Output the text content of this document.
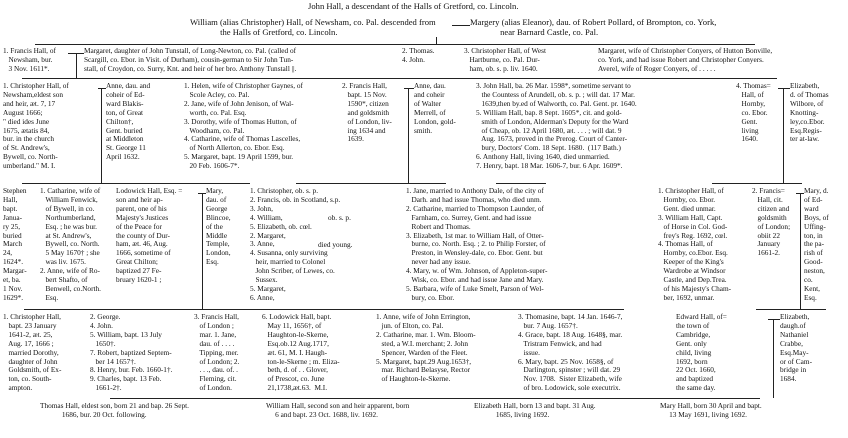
John Hall, a descendant of the Halls of Gretford, co. Lincoln.
William (alias Christopher) Hall, of Newsham, co. Pal. descended from
the Halls of Gretford, co. Lincoln.
Margery (alias Eleanor), dau. of Robert Pollard, of Brompton, co. York,
near Barnard Castle, co. Pal.
1. Francis Hall, of
Newsham, bur.
3 Nov. 1611*.
Margaret, daughter of John Tunstall, of Long-Newton, co. Pal. (called of
Scargill, co. Ebor. in Visit. of Durham), cousin-german to Sir John Tun-
stall, of Croydon, co. Surry, Knt. and heir of her bro. Anthony Tunstall ||.
2. Thomas.
4. John.
3. Christopher Hall, of West
Hartburne, co. Pal. Dur-
ham, ob. s. p. liv. 1640.
Margaret, wife of Christopher Conyers, of Hutton Bonville,
co. York, and had issue Robert and Christopher Conyers.
Averel, wife of Roger Conyers, of . . . . .
1. Christopher Hall, of
Newsham,eldest son
and heir, æt. 7, 17
August 1666;
" died ides June
1675, ætatis 84,
bur. in the church
of St. Andrew's,
Bywell, co. North-
umberland." M. I.
Anne, dau. and
coheir of Ed-
ward Blakis-
ton, of Great
Chilton†,
Gent. buried
at Middleton
St. George 11
April 1632.
1. Helen, wife of Christopher Gaynes, of
Scole Acley, co. Pal.
2. Jane, wife of John Jenison, of Wal-
worth, co. Pal. Esq.
3. Dorothy, wife of Thomas Hutton, of
Woodham, co. Pal.
4. Catharine, wife of Thomas Lascelles,
of North Allerton, co. Ebor. Esq.
5. Margaret, bapt. 19 April 1599, bur.
20 Feb. 1606-7*.
2. Francis Hall,
bapt. 15 Nov.
1590*, citizen
and goldsmith
of London, liv-
ing 1634 and
1639.
Anne, dau.
and coheir
of Walter
Merrell, of
London, gold-
smith.
3. John Hall, ba. 26 Mar. 1598*, sometime servant to
the Countess of Arundell, ob. s. p. ; will dat. 17 Mar.
1639,then by.ed of Walworth, co. Pal. Gent. pr. 1640.
5. William Hall, bap. 8 Sept. 1605*, cit. and gold-
smith of London, Alderman's Deputy for the Ward
of Cheap, ob. 12 April 1680, æt. . . . ; will dat. 9
Aug. 1673, proved in the Prerog. Court of Canter-
bury, Doctors' Com. 18 Sept. 1680.  (117 Bath.)
6. Anthony Hall, living 1640, died unmarried.
7. Henry, bapt. 18 Mar. 1606-7, bur. 6 Apr. 1609*.
4. Thomas=
Hall, of
Hornby,
co. Ebor.
Gent.
living
1640.
Elizabeth,
d. of Thomas
Wilbore, of
Knotting-
ley,co.Ebor.
Esq.Regis-
ter at-law.
Stephen
Hall,
bapt.
Janua-
ry 25,
buried
March
24,
1624*.
Margar-
et, ba.
1 Nov.
1629*.
1. Catharine, wife of
William Fenwick,
of Bywell, in co.
Northumberland,
Esq. ; he was bur.
at St. Andrew's,
Bywell, co. North.
5 May 1670† ; she
was liv. 1675.
2. Anne, wife of Ro-
bert Shafto, of
Benwell, co.North.
Esq.
Lodowick Hall, Esq. =
son and heir ap-
parent, one of his
Majesty's Justices
of the Peace for
the county of Dur-
ham, æt. 46, Aug.
1666, sometime of
Great Chilton;
baptized 27 Fe-
bruary 1620-1 ;
Mary,
dau. of
George
Blincoe,
of the
Middle
Temple,
London,
Esq.
1. Christopher, ob. s. p.
2. Francis, ob. in Scotland, s.p.
3. John,
4. William,
5. Elizabeth, ob. cœl.
2. Margaret,
3. Anne,
4. Susanna, only surviving
heir, married to Colonel
John Scriber, of Lewes, co.
Sussex.
5. Margaret,
6. Anne,
ob. s. p.
died young.
1. Jane, married to Anthony Dale, of the city of
Darh. and had issue Thomas, who died unm.
2. Catharine, married to Thompson Launder, of
Farnham, co. Surrey, Gent. and had issue
Robert and Thomas.
3. Elizabeth, 1st mar. to William Hall, of Otter-
burne, co. North. Esq. ; 2. to Philip Forster, of
Preston, in Wensley-dale, co. Ebor. Gent. but
never had any issue.
4. Mary, w. of Wm. Johnson, of Appleton-super-
Wisk, co. Ebor. and had issue Jane and Mary.
5. Barbara, wife of Luke Smelt, Parson of Wel-
bury, co. Ebor.
1. Christopher Hall, of
Hornby, co. Ebor.
Gent. died unmar.
3. William Hall, Capt.
of Horse in Col. God-
frey's Reg. 1692, cœl.
4. Thomas Hall, of
Hornby, co.Ebor. Esq.
Keeper of the King's
Wardrobe at Windsor
Castle, and Dep.Trea.
of his Majesty's Cham-
ber, 1692, unmar.
2. Francis=
Hall, cit.
citizen and
goldsmith
of London;
obiit 22
January
1661-2.
Mary, d.
of Ed-
ward
Boys, of
Uffing-
ton, in
the pa-
rish of
Good-
neston,
co.
Kent,
Esq.
1. Christopher Hall,
bapt. 23 January
1641-2, æt. 25,
Aug. 17, 1666 ;
married Dorothy,
daughter of John
Goldsmith, of Ex-
ton, co. South-
ampton.
2. George.
4. John.
5. William, bapt. 13 July
1650†.
7. Robert, baptized Septem-
ber 14 1657†.
8. Henry, bur. Feb. 1660-1†.
9. Charles, bapt. 13 Feb.
1661-2†.
3. Francis Hall,
of London ;
mar. 1. Jane,
dau. of . . . .
Tipping, mer.
of London; 2.
. . ., dau. of. .
Fleming, cit.
of London.
6. Lodowick Hall, bapt.
May 11, 1656†, of
Haughton-le-Skerne,
Esq.ob.12 Aug.1717,
æt. 61, M. I. Haugh-
ton-le-Skerne ; m. Eliza-
beth, d. of . . Glover,
of Prescot, co. June
21,1738,æt.63.  M.I.
1. Anne, wife of John Errington,
jun. of Elton, co. Pal.
2. Catharine, mar. 1. Wm. Bloom-
sted, a W.I. merchant; 2. John
Spencer, Warden of the Fleet.
5. Margaret, bapt.29 Aug.1653†,
mar. Richard Belasyse, Rector
of Haughton-le-Skerne.
3. Thomasine, bapt. 14 Jan. 1646-7,
bur. 7 Aug. 1657†.
4. Grace, bapt. 18 Aug. 1648§, mar.
Tristram Fenwick, and had
issue.
6. Mary, bapt. 25 Nov. 1658§, of
Darlington, spinster ; will dat. 29
Nov. 1708.  Sister Elizabeth, wife
of bro. Lodowick, sole executrix.
Edward Hall, of=
the town of
Cambridge,
Gent. only
child, living
1692, born
22 Oct. 1660,
and baptized
the same day.
Elizabeth,
daugh.of
Nathaniel
Crabbe,
Esq.May-
or of Cam-
bridge in
1684.
Thomas Hall, eldest son, born 21 and bap. 26 Sept.
1686, bur. 20 Oct. following.
William Hall, second son and heir apparent, born
6 and bapt. 23 Oct. 1688, liv. 1692.
Elizabeth Hall, born 13 and bapt. 31 Aug.
1685, living 1692.
Mary Hall, born 30 April and bapt.
13 May 1691, living 1692.
